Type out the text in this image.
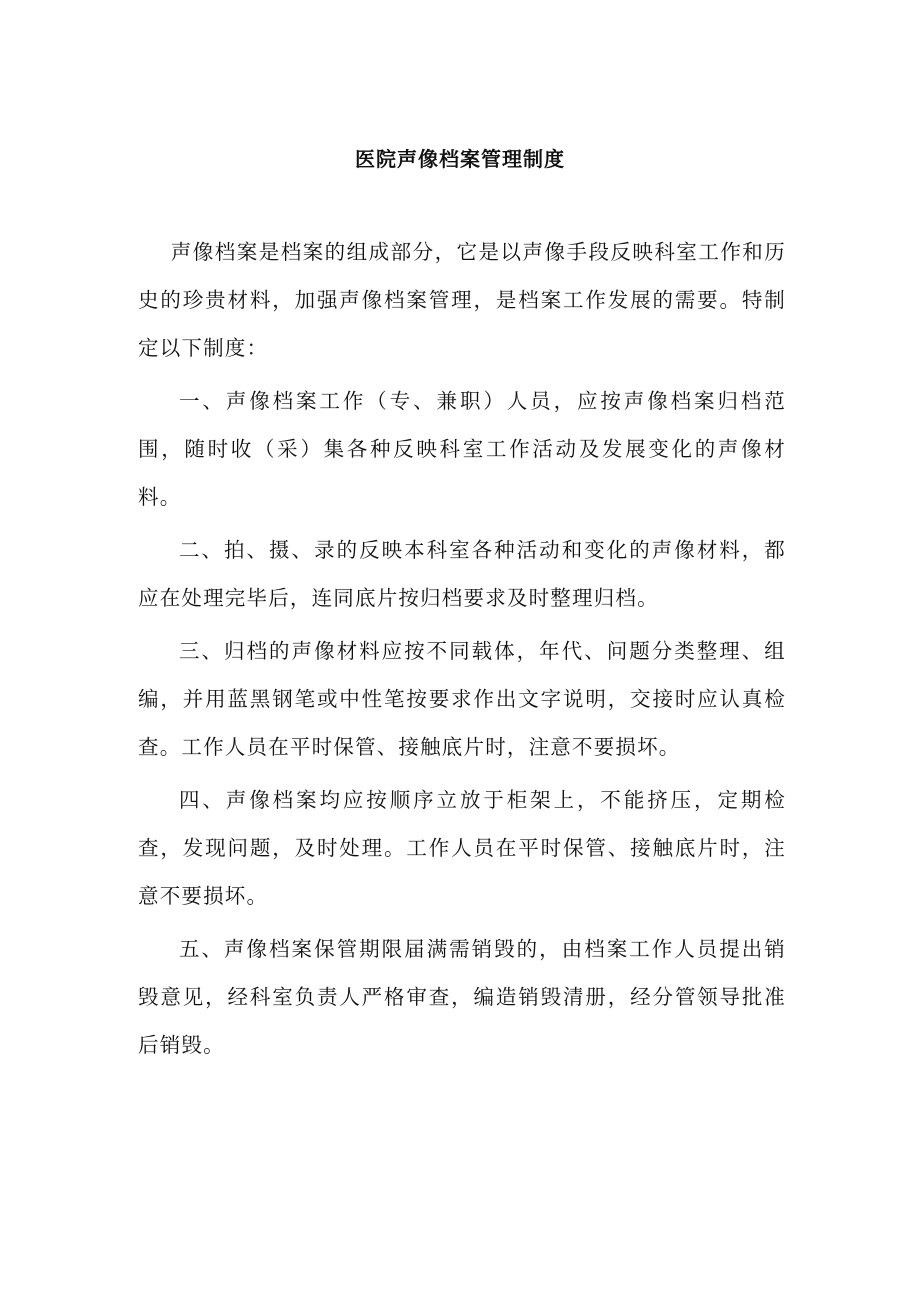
医院声像档案管理制度

声像档案是档案的组成部分，它是以声像手段反映科室工作和历史的珍贵材料，加强声像档案管理，是档案工作发展的需要。特制定以下制度：

一、声像档案工作（专、兼职）人员，应按声像档案归档范围，随时收（采）集各种反映科室工作活动及发展变化的声像材料。

二、拍、摄、录的反映本科室各种活动和变化的声像材料，都应在处理完毕后，连同底片按归档要求及时整理归档。

三、归档的声像材料应按不同载体，年代、问题分类整理、组编，并用蓝黑钢笔或中性笔按要求作出文字说明，交接时应认真检查。工作人员在平时保管、接触底片时，注意不要损坏。

四、声像档案均应按顺序立放于柜架上，不能挤压，定期检查，发现问题，及时处理。工作人员在平时保管、接触底片时，注意不要损坏。

五、声像档案保管期限届满需销毁的，由档案工作人员提出销毁意见，经科室负责人严格审查，编造销毁清册，经分管领导批准后销毁。
